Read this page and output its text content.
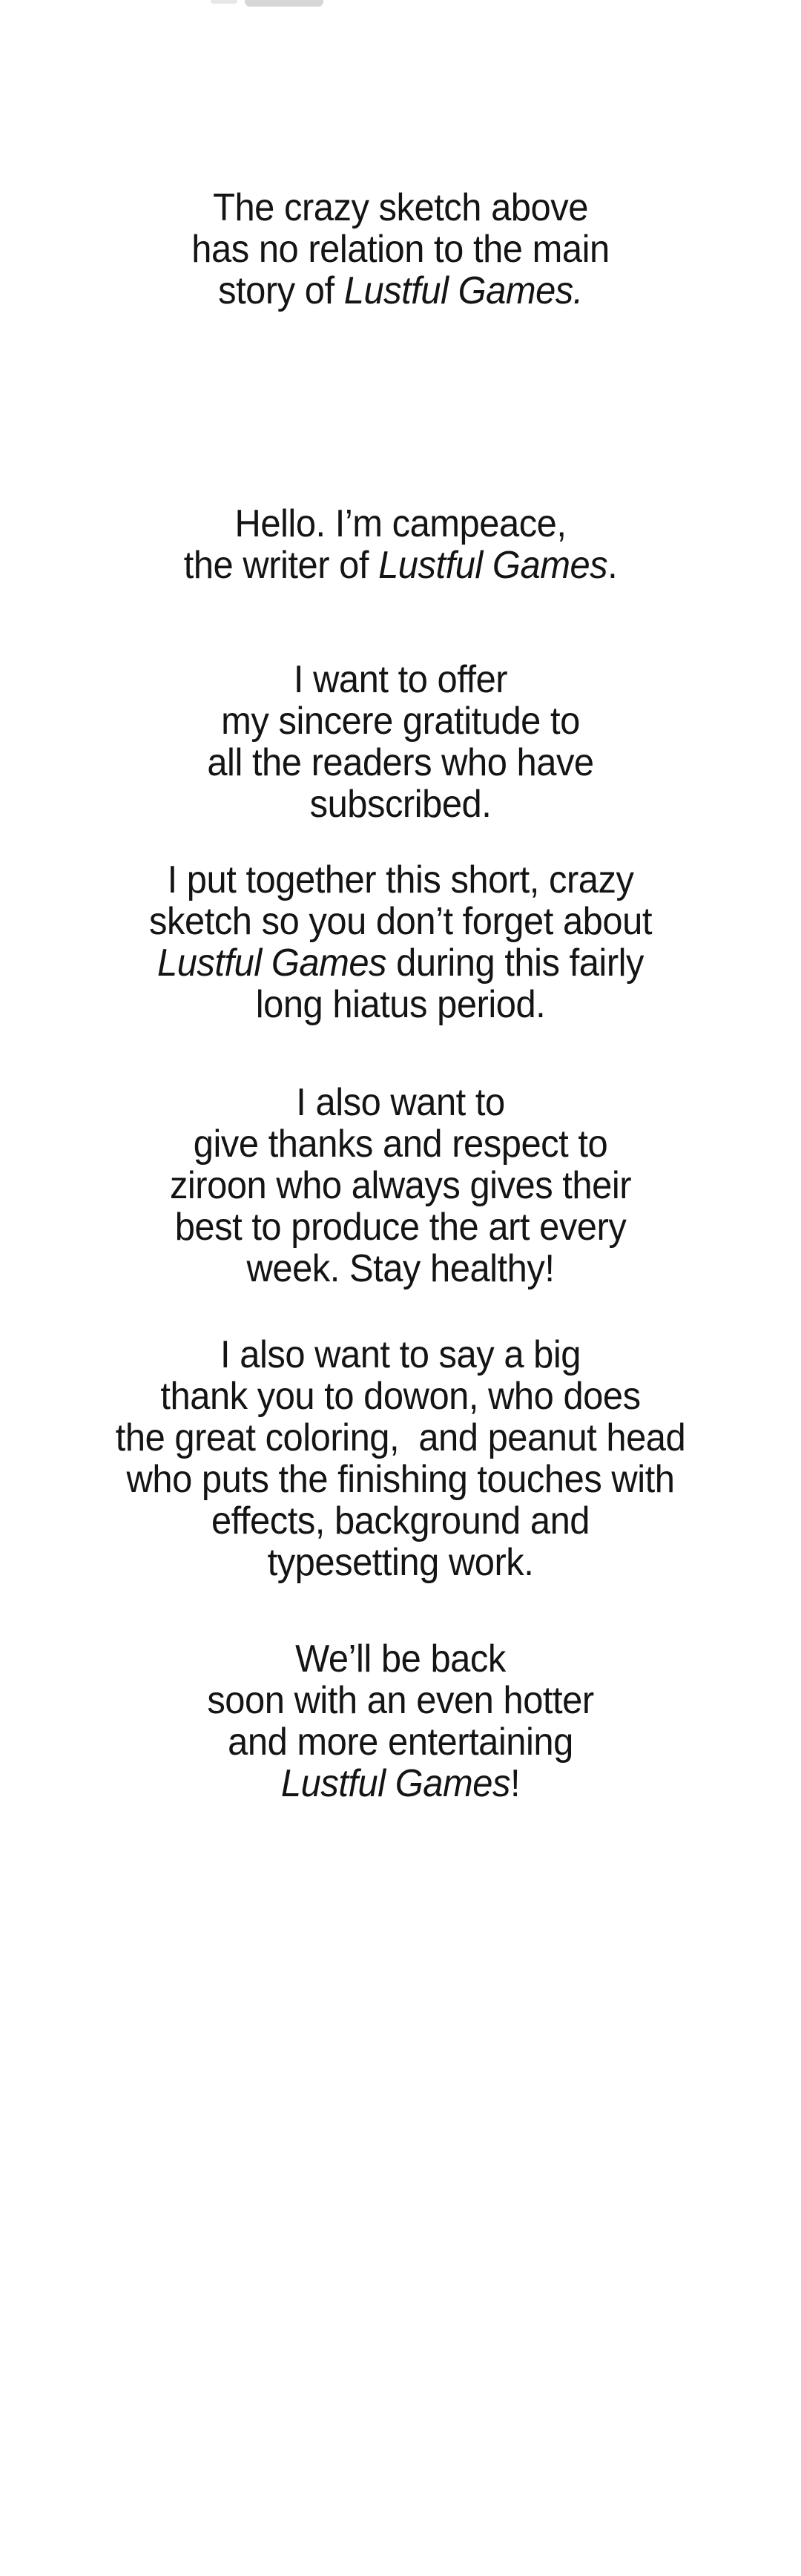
The crazy sketch above
has no relation to the main
story of Lustful Games.
Hello. I’m campeace,
the writer of Lustful Games.
I want to offer
my sincere gratitude to
all the readers who have
subscribed.
I put together this short, crazy
sketch so you don’t forget about
Lustful Games during this fairly
long hiatus period.
I also want to
give thanks and respect to
ziroon who always gives their
best to produce the art every
week. Stay healthy!
I also want to say a big
thank you to dowon, who does
the great coloring,  and peanut head
who puts the finishing touches with
effects, background and
typesetting work.
We’ll be back
soon with an even hotter
and more entertaining
Lustful Games!
